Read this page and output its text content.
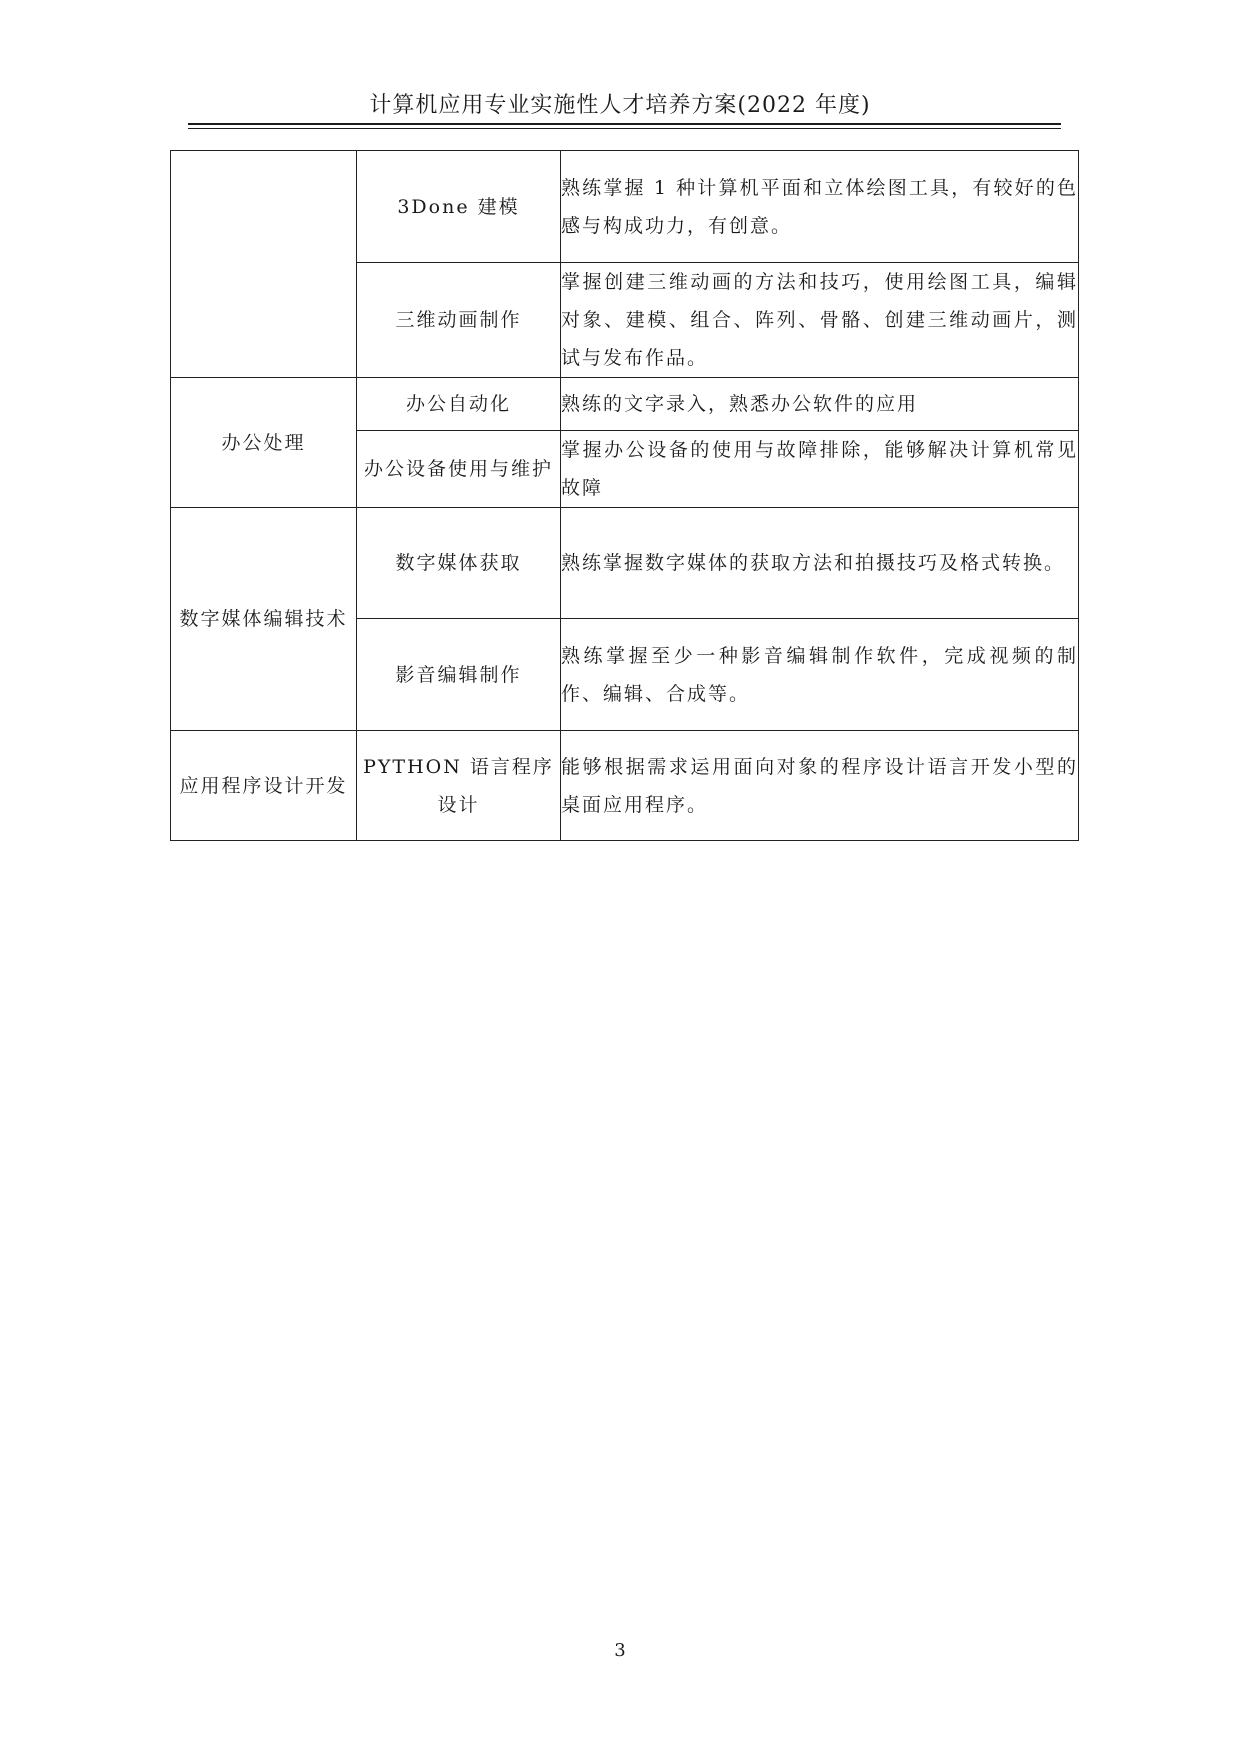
计算机应用专业实施性人才培养方案(2022 年度)
	3Done 建模	熟练掌握 1 种计算机平面和立体绘图工具，有较好的色感与构成功力，有创意。
	三维动画制作	掌握创建三维动画的方法和技巧，使用绘图工具，编辑对象、建模、组合、阵列、骨骼、创建三维动画片，测试与发布作品。
办公处理	办公自动化	熟练的文字录入，熟悉办公软件的应用
	办公设备使用与维护	掌握办公设备的使用与故障排除，能够解决计算机常见故障
数字媒体编辑技术	数字媒体获取	熟练掌握数字媒体的获取方法和拍摄技巧及格式转换。
	影音编辑制作	熟练掌握至少一种影音编辑制作软件，完成视频的制作、编辑、合成等。
应用程序设计开发	PYTHON 语言程序设计	能够根据需求运用面向对象的程序设计语言开发小型的桌面应用程序。
3
